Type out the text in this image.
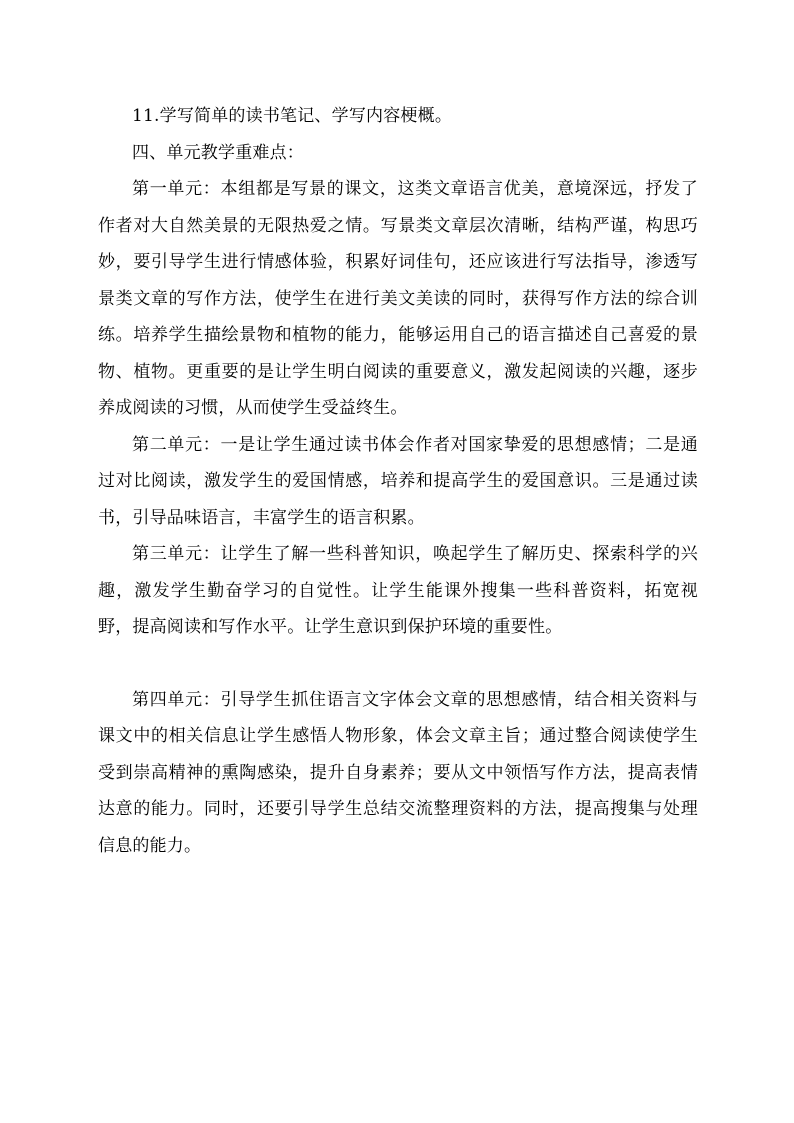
11.学写简单的读书笔记、学写内容梗概。

四、单元教学重难点：

第一单元：本组都是写景的课文，这类文章语言优美，意境深远，抒发了作者对大自然美景的无限热爱之情。写景类文章层次清晰，结构严谨，构思巧妙，要引导学生进行情感体验，积累好词佳句，还应该进行写法指导，渗透写景类文章的写作方法，使学生在进行美文美读的同时，获得写作方法的综合训练。培养学生描绘景物和植物的能力，能够运用自己的语言描述自己喜爱的景物、植物。更重要的是让学生明白阅读的重要意义，激发起阅读的兴趣，逐步养成阅读的习惯，从而使学生受益终生。

第二单元：一是让学生通过读书体会作者对国家挚爱的思想感情；二是通过对比阅读，激发学生的爱国情感，培养和提高学生的爱国意识。三是通过读书，引导品味语言，丰富学生的语言积累。

第三单元：让学生了解一些科普知识，唤起学生了解历史、探索科学的兴趣，激发学生勤奋学习的自觉性。让学生能课外搜集一些科普资料，拓宽视野，提高阅读和写作水平。让学生意识到保护环境的重要性。

第四单元：引导学生抓住语言文字体会文章的思想感情，结合相关资料与课文中的相关信息让学生感悟人物形象，体会文章主旨；通过整合阅读使学生受到崇高精神的熏陶感染，提升自身素养；要从文中领悟写作方法，提高表情达意的能力。同时，还要引导学生总结交流整理资料的方法，提高搜集与处理信息的能力。
